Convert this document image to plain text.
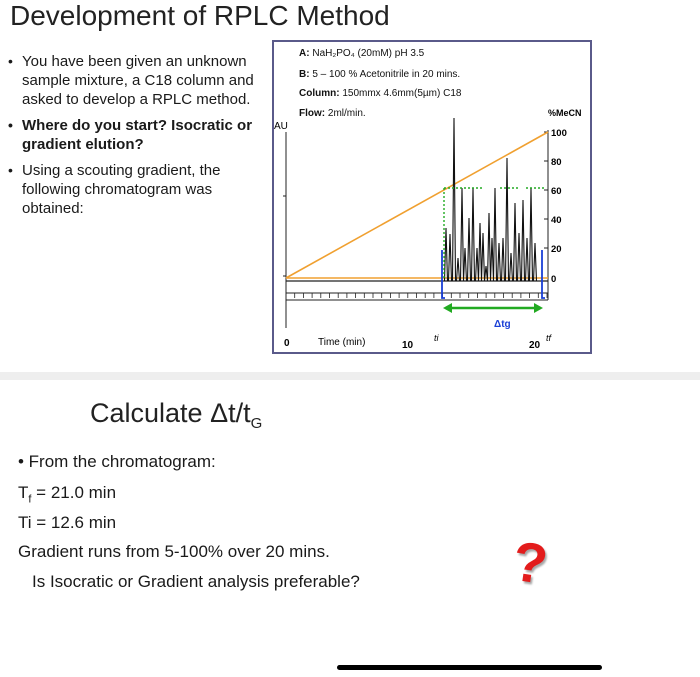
Development of RPLC Method
• You have been given an unknown sample mixture, a C18 column and asked to develop a RPLC method.
• Where do you start? Isocratic or gradient elution?
• Using a scouting gradient, the following chromatogram was obtained:
A: NaH₂PO₄ (20mM) pH 3.5
B: 5 – 100 % Acetonitrile in 20 mins.
Column: 150mmx 4.6mm(5µm) C18
Flow: 2ml/min.
AU
%MeCN
100
80
60
40
20
0
Δtg
0	Time (min)	10	20
ti	tf
Calculate $\Delta t/t_G$
• From the chromatogram:
$T_f = 21.0$ min
Ti = 12.6 min
Gradient runs from 5-100% over 20 mins.
Is Isocratic or Gradient analysis preferable?	?
